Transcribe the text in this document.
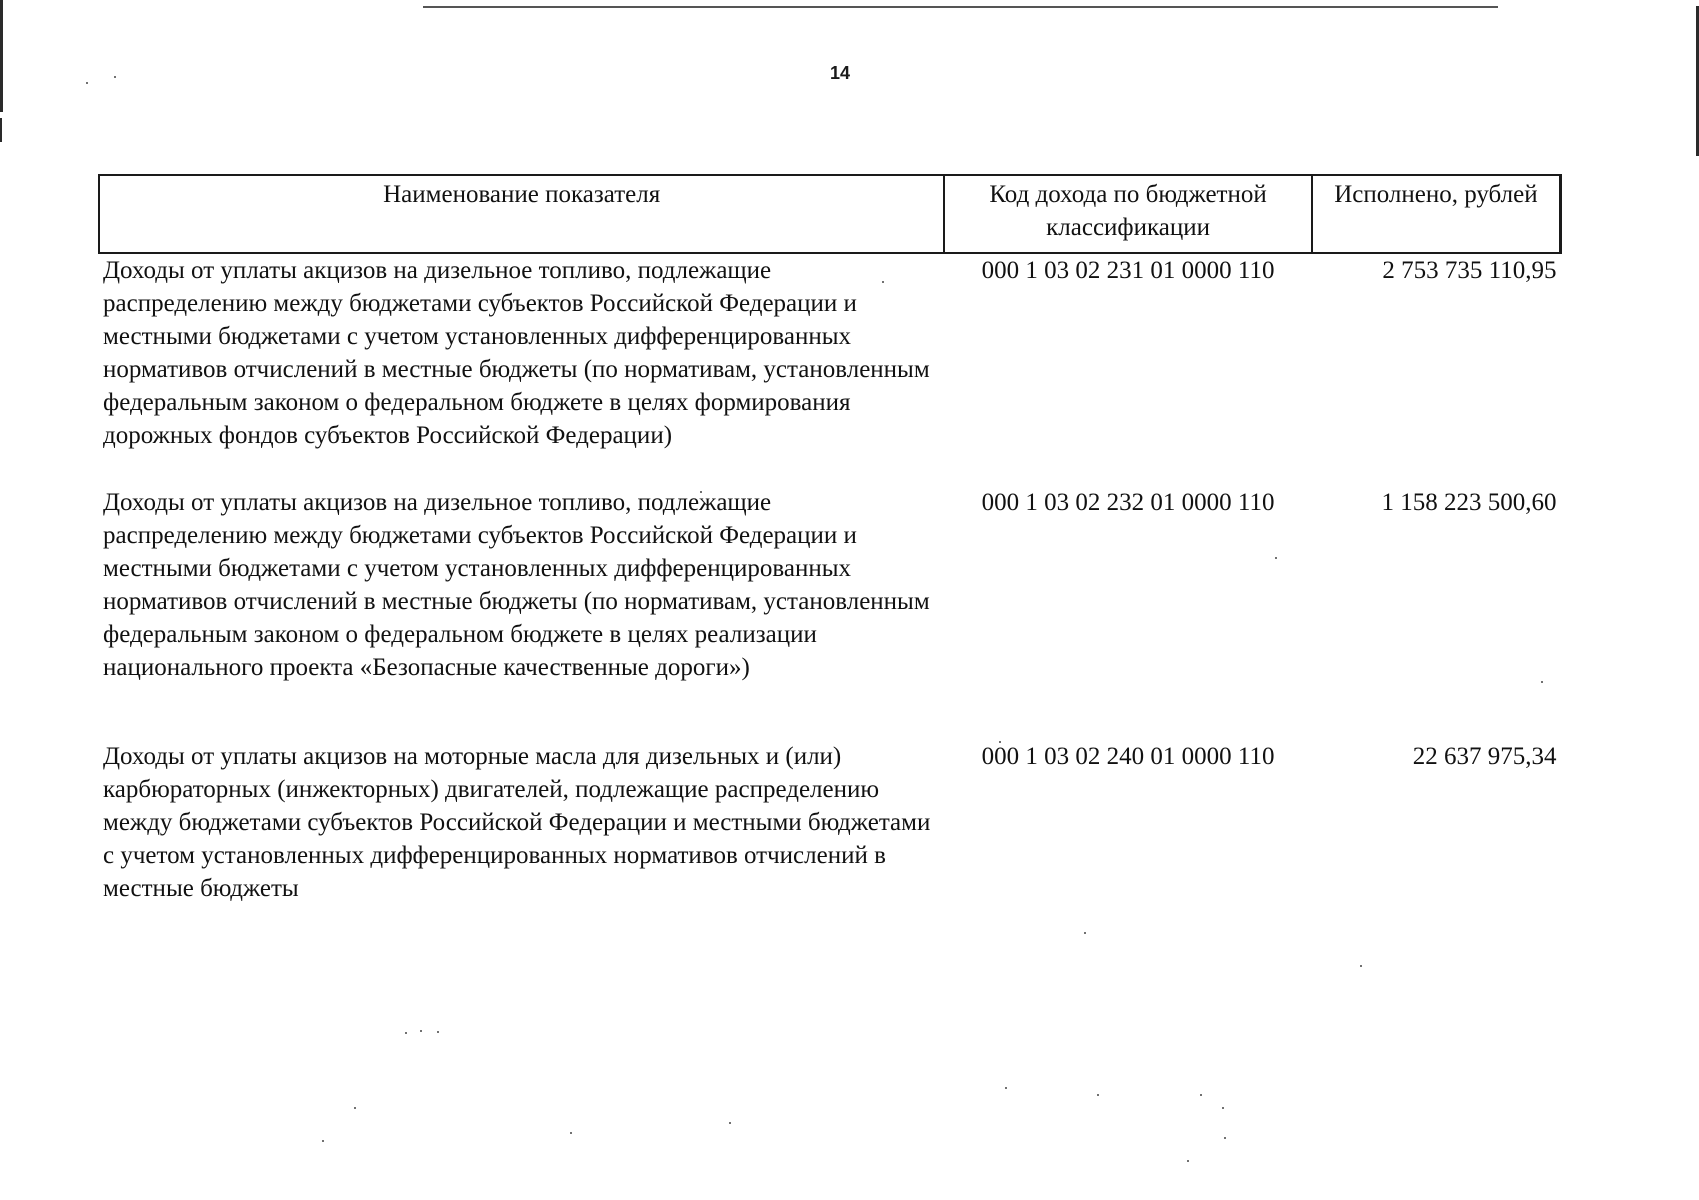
14
Наименование показателя	Код дохода по бюджетной классификации	Исполнено, рублей
Доходы от уплаты акцизов на дизельное топливо, подлежащие распределению между бюджетами субъектов Российской Федерации и местными бюджетами с учетом установленных дифференцированных нормативов отчислений в местные бюджеты (по нормативам, установленным федеральным законом о федеральном бюджете в целях формирования дорожных фондов субъектов Российской Федерации)	000 1 03 02 231 01 0000 110	2 753 735 110,95
Доходы от уплаты акцизов на дизельное топливо, подлежащие распределению между бюджетами субъектов Российской Федерации и местными бюджетами с учетом установленных дифференцированных нормативов отчислений в местные бюджеты (по нормативам, установленным федеральным законом о федеральном бюджете в целях реализации национального проекта «Безопасные качественные дороги»)	000 1 03 02 232 01 0000 110	1 158 223 500,60
Доходы от уплаты акцизов на моторные масла для дизельных и (или) карбюраторных (инжекторных) двигателей, подлежащие распределению между бюджетами субъектов Российской Федерации и местными бюджетами с учетом установленных дифференцированных нормативов отчислений в местные бюджеты	000 1 03 02 240 01 0000 110	22 637 975,34
